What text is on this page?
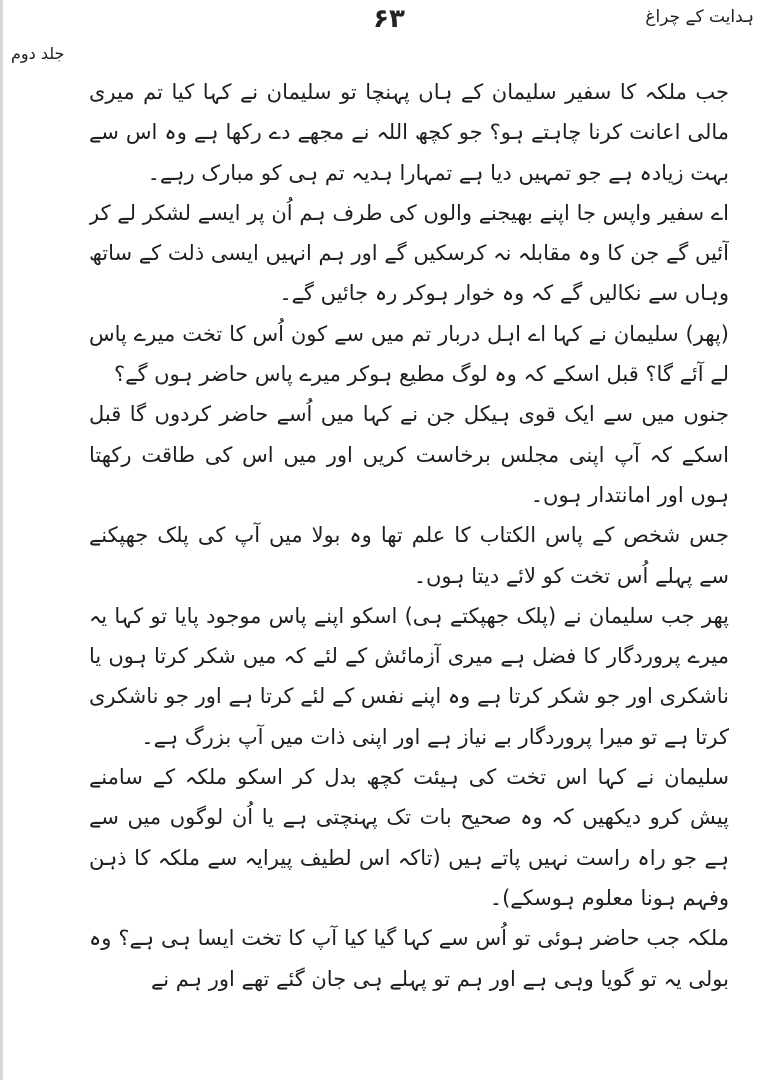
۶۳	ہدایت کے چراغ
جلد دوم

جب ملکہ کا سفیر سلیمان کے ہاں پہنچا تو سلیمان نے کہا کیا تم میری مالی اعانت کرنا چاہتے ہو؟ جو کچھ اللہ نے مجھے دے رکھا ہے وہ اس سے بہت زیادہ ہے جو تمہیں دیا ہے تمہارا ہدیہ تم ہی کو مبارک رہے۔

اے سفیر واپس جا اپنے بھیجنے والوں کی طرف ہم اُن پر ایسے لشکر لے کر آئیں گے جن کا وہ مقابلہ نہ کرسکیں گے اور ہم انہیں ایسی ذلت کے ساتھ وہاں سے نکالیں گے کہ وہ خوار ہوکر رہ جائیں گے۔

(پھر) سلیمان نے کہا اے اہل دربار تم میں سے کون اُس کا تخت میرے پاس لے آئے گا؟ قبل اسکے کہ وہ لوگ مطیع ہوکر میرے پاس حاضر ہوں گے؟

جنوں میں سے ایک قوی ہیکل جن نے کہا میں اُسے حاضر کردوں گا قبل اسکے کہ آپ اپنی مجلس برخاست کریں اور میں اس کی طاقت رکھتا ہوں اور امانتدار ہوں۔

جس شخص کے پاس الکتاب کا علم تھا وہ بولا میں آپ کی پلک جھپکنے سے پہلے اُس تخت کو لائے دیتا ہوں۔

پھر جب سلیمان نے (پلک جھپکتے ہی) اسکو اپنے پاس موجود پایا تو کہا یہ میرے پروردگار کا فضل ہے میری آزمائش کے لئے کہ میں شکر کرتا ہوں یا ناشکری اور جو شکر کرتا ہے وہ اپنے نفس کے لئے کرتا ہے اور جو ناشکری کرتا ہے تو میرا پروردگار بے نیاز ہے اور اپنی ذات میں آپ بزرگ ہے۔

سلیمان نے کہا اس تخت کی ہیئت کچھ بدل کر اسکو ملکہ کے سامنے پیش کرو دیکھیں کہ وہ صحیح بات تک پہنچتی ہے یا اُن لوگوں میں سے ہے جو راہ راست نہیں پاتے ہیں (تاکہ اس لطیف پیرایہ سے ملکہ کا ذہن وفہم ہونا معلوم ہوسکے)۔

ملکہ جب حاضر ہوئی تو اُس سے کہا گیا کیا آپ کا تخت ایسا ہی ہے؟ وہ بولی یہ تو گویا وہی ہے اور ہم تو پہلے ہی جان گئے تھے اور ہم نے
